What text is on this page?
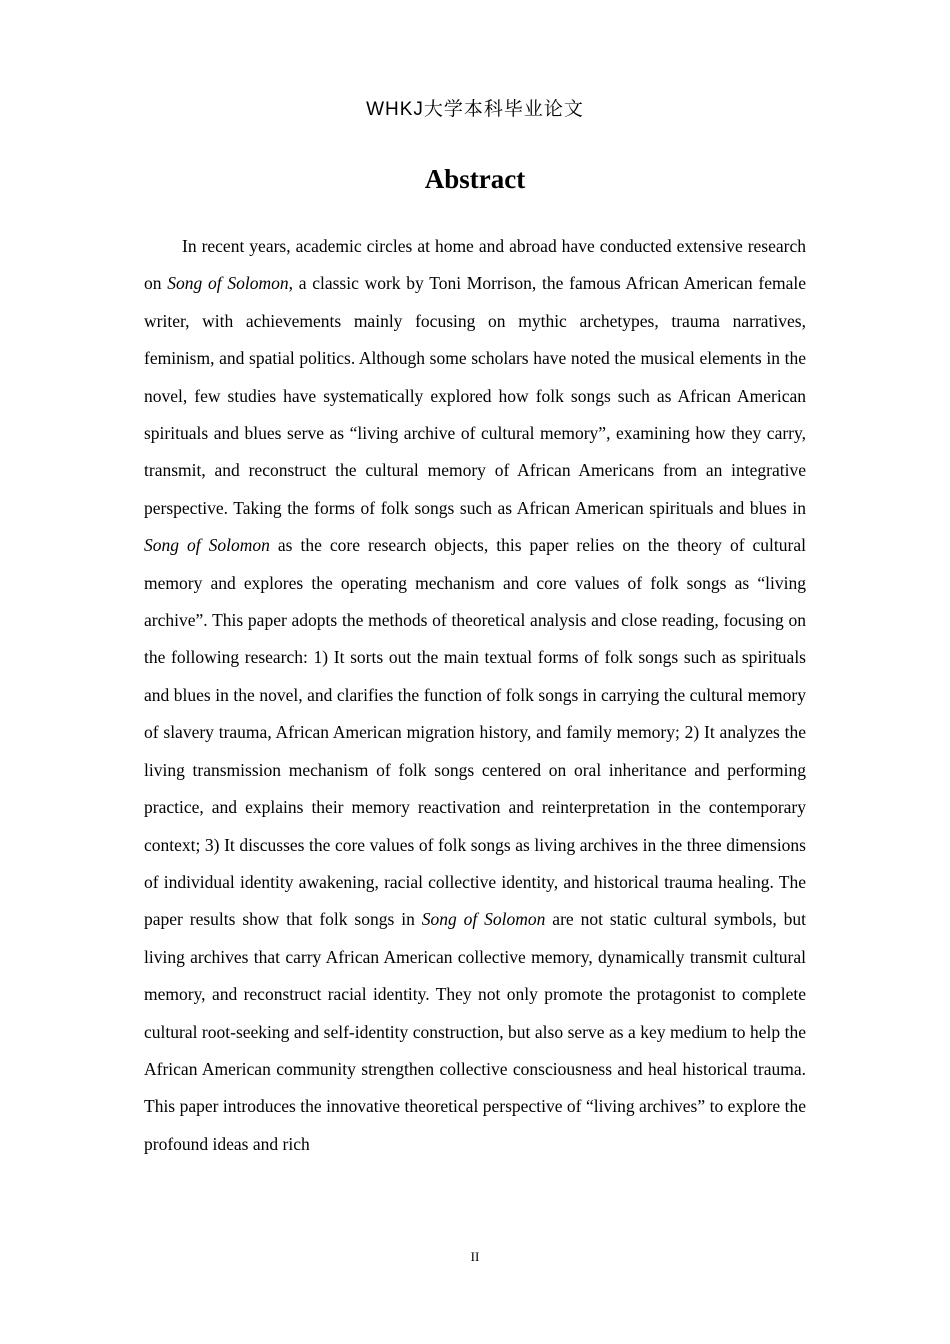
WHKJ大学本科毕业论文
Abstract

In recent years, academic circles at home and abroad have conducted extensive research on Song of Solomon, a classic work by Toni Morrison, the famous African American female writer, with achievements mainly focusing on mythic archetypes, trauma narratives, feminism, and spatial politics. Although some scholars have noted the musical elements in the novel, few studies have systematically explored how folk songs such as African American spirituals and blues serve as “living archive of cultural memory”, examining how they carry, transmit, and reconstruct the cultural memory of African Americans from an integrative perspective. Taking the forms of folk songs such as African American spirituals and blues in Song of Solomon as the core research objects, this paper relies on the theory of cultural memory and explores the operating mechanism and core values of folk songs as “living archive”. This paper adopts the methods of theoretical analysis and close reading, focusing on the following research: 1) It sorts out the main textual forms of folk songs such as spirituals and blues in the novel, and clarifies the function of folk songs in carrying the cultural memory of slavery trauma, African American migration history, and family memory; 2) It analyzes the living transmission mechanism of folk songs centered on oral inheritance and performing practice, and explains their memory reactivation and reinterpretation in the contemporary context; 3) It discusses the core values of folk songs as living archives in the three dimensions of individual identity awakening, racial collective identity, and historical trauma healing. The paper results show that folk songs in Song of Solomon are not static cultural symbols, but living archives that carry African American collective memory, dynamically transmit cultural memory, and reconstruct racial identity. They not only promote the protagonist to complete cultural root-seeking and self-identity construction, but also serve as a key medium to help the African American community strengthen collective consciousness and heal historical trauma. This paper introduces the innovative theoretical perspective of “living archives” to explore the profound ideas and rich

II
